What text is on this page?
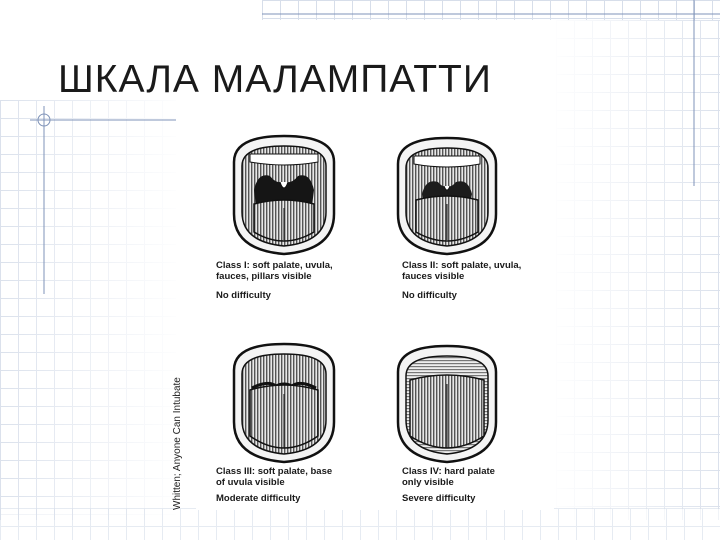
ШКАЛА МАЛАМПАТТИ
Whitten; Anyone Can Intubate
Class I: soft palate, uvula,
fauces, pillars visible
No difficulty
Class II: soft palate, uvula,
fauces visible
No difficulty
Class III: soft palate, base
of uvula visible
Moderate difficulty
Class IV: hard palate
only visible
Severe difficulty
